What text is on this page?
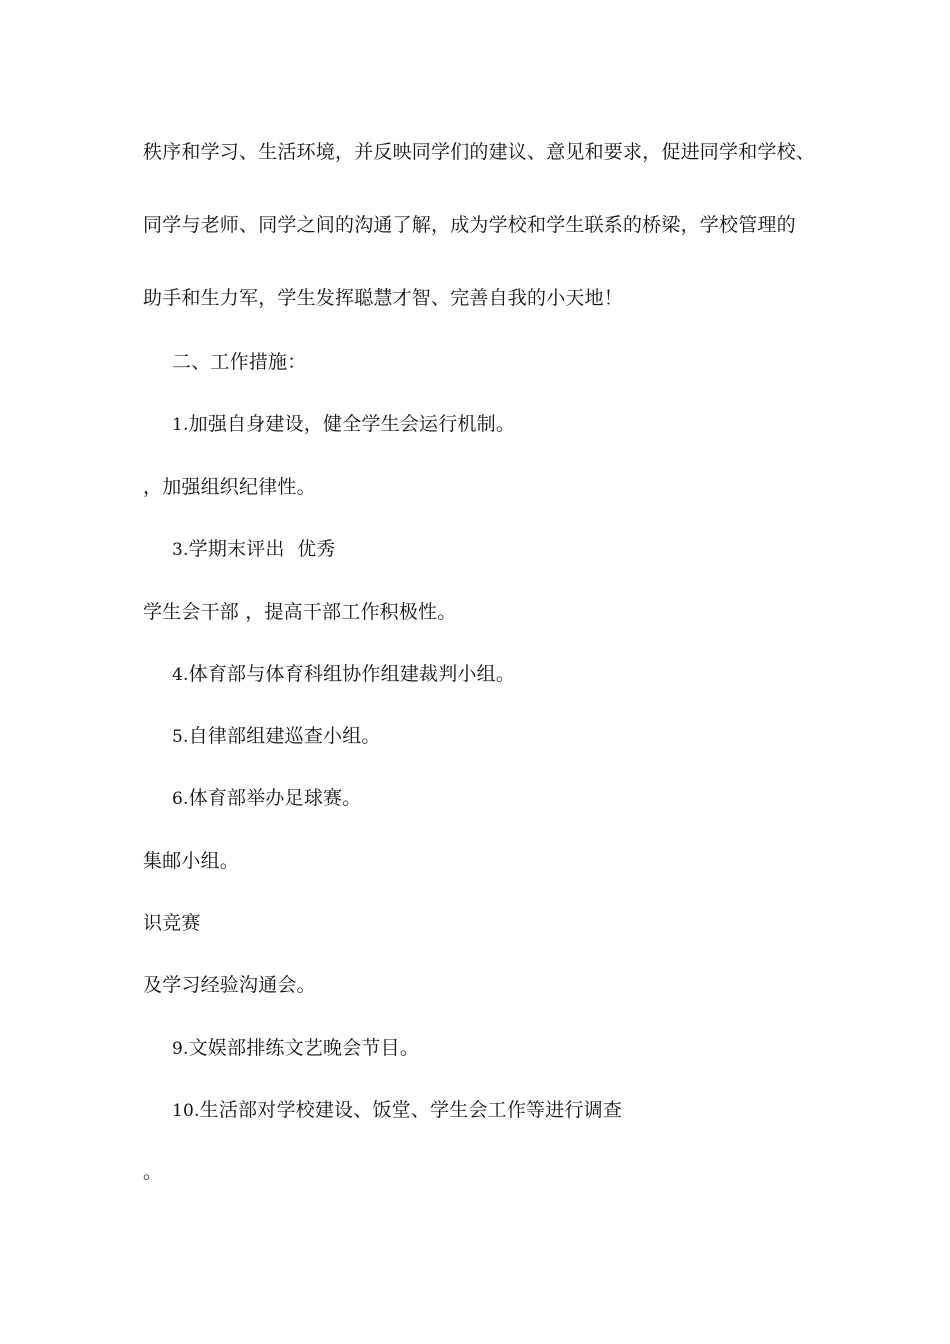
秩序和学习、生活环境，并反映同学们的建议、意见和要求，促进同学和学校、
同学与老师、同学之间的沟通了解，成为学校和学生联系的桥梁，学校管理的
助手和生力军，学生发挥聪慧才智、完善自我的小天地！
二、工作措施：
1.加强自身建设，健全学生会运行机制。
，加强组织纪律性。
3.学期末评出  优秀
学生会干部 ，提高干部工作积极性。
4.体育部与体育科组协作组建裁判小组。
5.自律部组建巡查小组。
6.体育部举办足球赛。
集邮小组。
识竞赛
及学习经验沟通会。
9.文娱部排练文艺晚会节目。
10.生活部对学校建设、饭堂、学生会工作等进行调查
。
